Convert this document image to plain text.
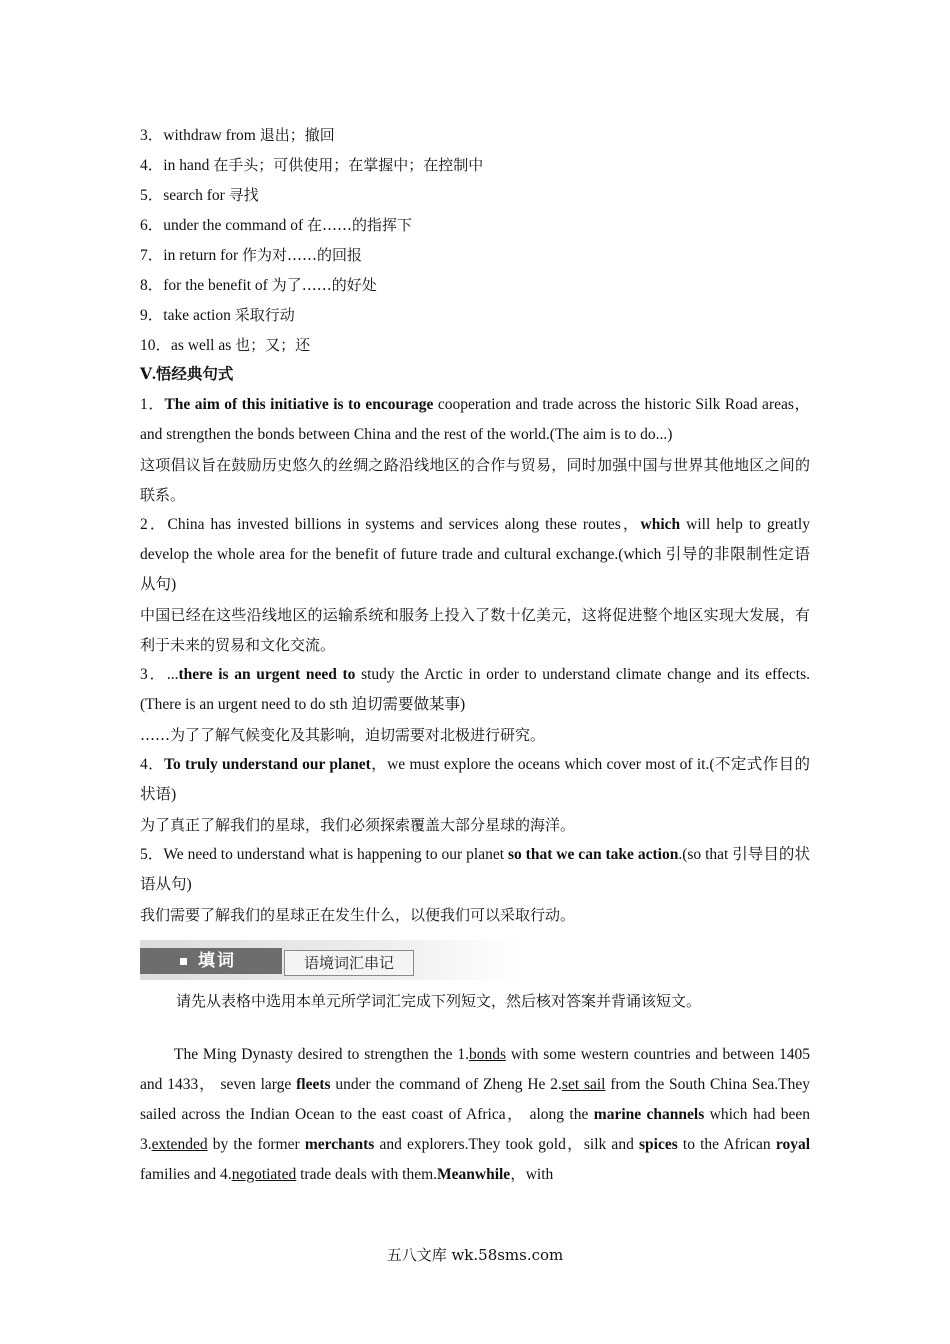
3．withdraw from 退出；撤回
4．in hand 在手头；可供使用；在掌握中；在控制中
5．search for 寻找
6．under the command of 在……的指挥下
7．in return for 作为对……的回报
8．for the benefit of 为了……的好处
9．take action 采取行动
10．as well as 也；又；还
Ⅴ.悟经典句式
1．The aim of this initiative is to encourage cooperation and trade across the historic Silk Road areas， and strengthen the bonds between China and the rest of the world.(The aim is to do...)
这项倡议旨在鼓励历史悠久的丝绸之路沿线地区的合作与贸易，同时加强中国与世界其他地区之间的联系。
2．China has invested billions in systems and services along these routes，which will help to greatly develop the whole area for the benefit of future trade and cultural exchange.(which 引导的非限制性定语从句)
中国已经在这些沿线地区的运输系统和服务上投入了数十亿美元，这将促进整个地区实现大发展，有利于未来的贸易和文化交流。
3．...there is an urgent need to study the Arctic in order to understand climate change and its effects.(There is an urgent need to do sth 迫切需要做某事)
……为了了解气候变化及其影响，迫切需要对北极进行研究。
4．To truly understand our planet，we must explore the oceans which cover most of it.(不定式作目的状语)
为了真正了解我们的星球，我们必须探索覆盖大部分星球的海洋。
5．We need to understand what is happening to our planet so that we can take action.(so that 引导目的状语从句)
我们需要了解我们的星球正在发生什么，以便我们可以采取行动。
填词	语境词汇串记
请先从表格中选用本单元所学词汇完成下列短文，然后核对答案并背诵该短文。
The Ming Dynasty desired to strengthen the 1.bonds with some western countries and between 1405 and 1433， seven large fleets under the command of Zheng He 2.set sail from the South China Sea.They sailed across the Indian Ocean to the east coast of Africa， along the marine channels which had been 3.extended by the former merchants and explorers.They took gold，silk and spices to the African royal families and 4.negotiated trade deals with them.Meanwhile，with
五八文库 wk.58sms.com
